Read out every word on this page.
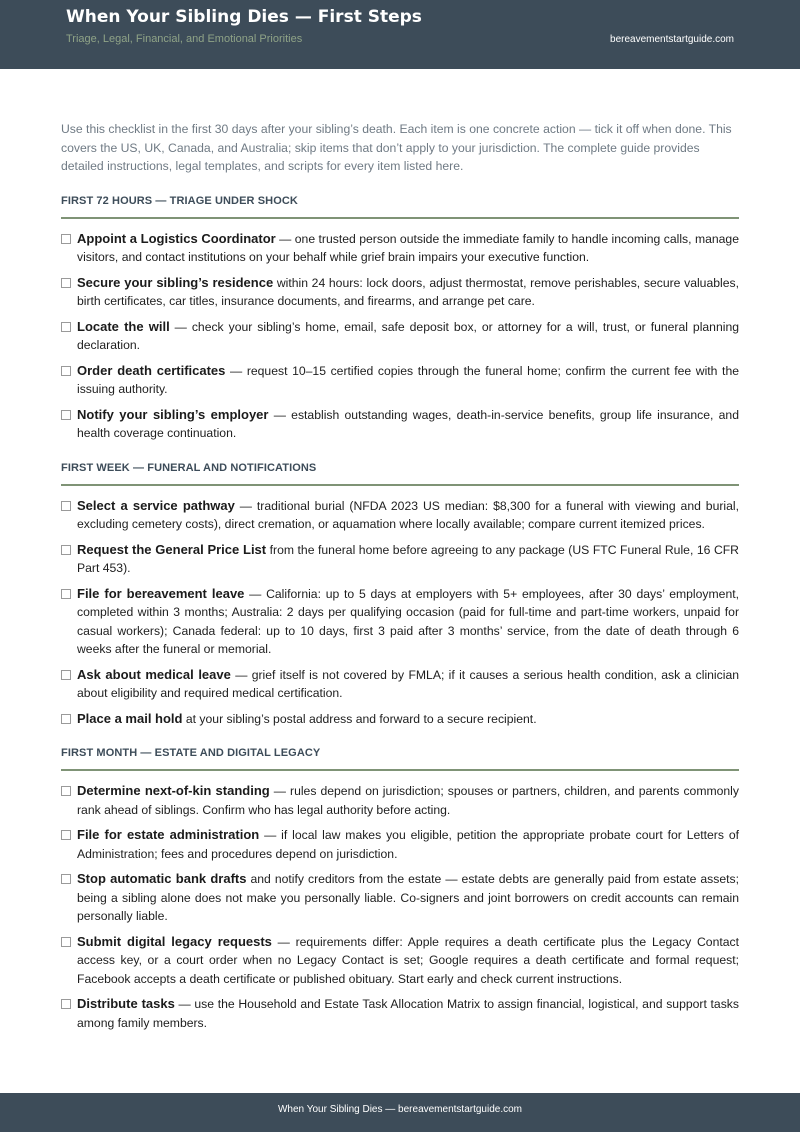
When Your Sibling Dies — First Steps
Triage, Legal, Financial, and Emotional Priorities	bereavementstartguide.com

Use this checklist in the first 30 days after your sibling’s death. Each item is one concrete action — tick it off when done. This covers the US, UK, Canada, and Australia; skip items that don’t apply to your jurisdiction. The complete guide provides detailed instructions, legal templates, and scripts for every item listed here.

FIRST 72 HOURS — TRIAGE UNDER SHOCK
Appoint a Logistics Coordinator — one trusted person outside the immediate family to handle incoming calls, manage visitors, and contact institutions on your behalf while grief brain impairs your executive function.
Secure your sibling’s residence within 24 hours: lock doors, adjust thermostat, remove perishables, secure valuables, birth certificates, car titles, insurance documents, and firearms, and arrange pet care.
Locate the will — check your sibling’s home, email, safe deposit box, or attorney for a will, trust, or funeral planning declaration.
Order death certificates — request 10–15 certified copies through the funeral home; confirm the current fee with the issuing authority.
Notify your sibling’s employer — establish outstanding wages, death-in-service benefits, group life insurance, and health coverage continuation.
FIRST WEEK — FUNERAL AND NOTIFICATIONS
Select a service pathway — traditional burial (NFDA 2023 US median: $8,300 for a funeral with viewing and burial, excluding cemetery costs), direct cremation, or aquamation where locally available; compare current itemized prices.
Request the General Price List from the funeral home before agreeing to any package (US FTC Funeral Rule, 16 CFR Part 453).
File for bereavement leave — California: up to 5 days at employers with 5+ employees, after 30 days’ employment, completed within 3 months; Australia: 2 days per qualifying occasion (paid for full-time and part-time workers, unpaid for casual workers); Canada federal: up to 10 days, first 3 paid after 3 months’ service, from the date of death through 6 weeks after the funeral or memorial.
Ask about medical leave — grief itself is not covered by FMLA; if it causes a serious health condition, ask a clinician about eligibility and required medical certification.
Place a mail hold at your sibling’s postal address and forward to a secure recipient.
FIRST MONTH — ESTATE AND DIGITAL LEGACY
Determine next-of-kin standing — rules depend on jurisdiction; spouses or partners, children, and parents commonly rank ahead of siblings. Confirm who has legal authority before acting.
File for estate administration — if local law makes you eligible, petition the appropriate probate court for Letters of Administration; fees and procedures depend on jurisdiction.
Stop automatic bank drafts and notify creditors from the estate — estate debts are generally paid from estate assets; being a sibling alone does not make you personally liable. Co-signers and joint borrowers on credit accounts can remain personally liable.
Submit digital legacy requests — requirements differ: Apple requires a death certificate plus the Legacy Contact access key, or a court order when no Legacy Contact is set; Google requires a death certificate and formal request; Facebook accepts a death certificate or published obituary. Start early and check current instructions.
Distribute tasks — use the Household and Estate Task Allocation Matrix to assign financial, logistical, and support tasks among family members.
When Your Sibling Dies — bereavementstartguide.com
